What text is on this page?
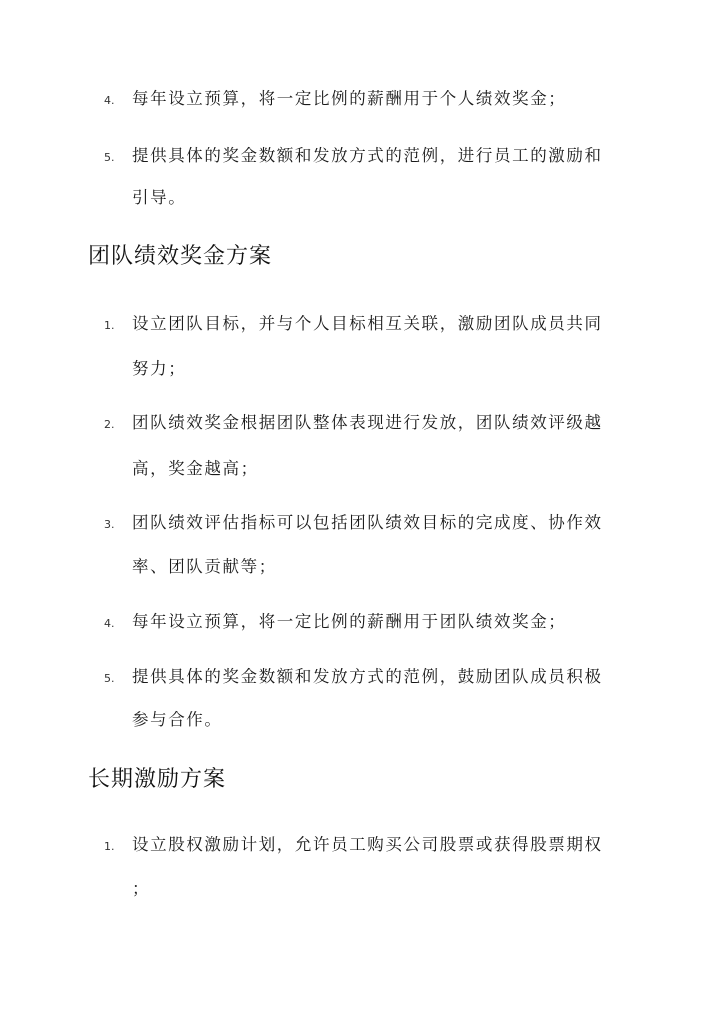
4.	每年设立预算，将一定比例的薪酬用于个人绩效奖金；
5.	提供具体的奖金数额和发放方式的范例，进行员工的激励和
引导。
团队绩效奖金方案
1.	设立团队目标，并与个人目标相互关联，激励团队成员共同
努力；
2.	团队绩效奖金根据团队整体表现进行发放，团队绩效评级越
高，奖金越高；
3.	团队绩效评估指标可以包括团队绩效目标的完成度、协作效
率、团队贡献等；
4.	每年设立预算，将一定比例的薪酬用于团队绩效奖金；
5.	提供具体的奖金数额和发放方式的范例，鼓励团队成员积极
参与合作。
长期激励方案
1.	设立股权激励计划，允许员工购买公司股票或获得股票期权
；
